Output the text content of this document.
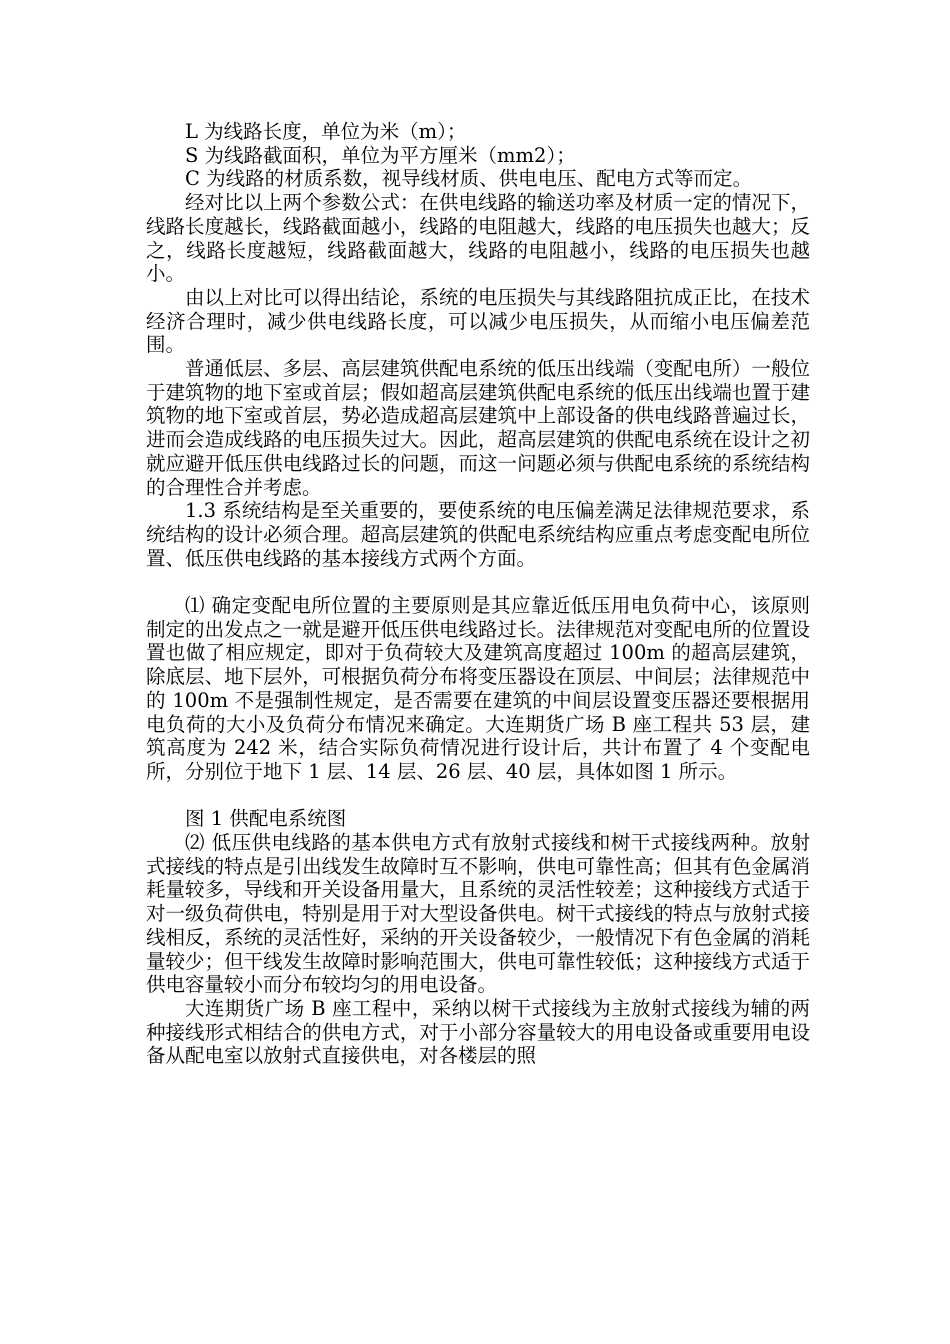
L 为线路长度，单位为米（m）；

S 为线路截面积，单位为平方厘米（mm2）；

C 为线路的材质系数，视导线材质、供电电压、配电方式等而定。

经对比以上两个参数公式：在供电线路的输送功率及材质一定的情况下，线路长度越长，线路截面越小，线路的电阻越大，线路的电压损失也越大；反之，线路长度越短，线路截面越大，线路的电阻越小，线路的电压损失也越小。

由以上对比可以得出结论，系统的电压损失与其线路阻抗成正比，在技术经济合理时，减少供电线路长度，可以减少电压损失，从而缩小电压偏差范围。

普通低层、多层、高层建筑供配电系统的低压出线端（变配电所）一般位于建筑物的地下室或首层；假如超高层建筑供配电系统的低压出线端也置于建筑物的地下室或首层，势必造成超高层建筑中上部设备的供电线路普遍过长，进而会造成线路的电压损失过大。因此，超高层建筑的供配电系统在设计之初就应避开低压供电线路过长的问题，而这一问题必须与供配电系统的系统结构的合理性合并考虑。

1.3 系统结构是至关重要的，要使系统的电压偏差满足法律规范要求，系统结构的设计必须合理。超高层建筑的供配电系统结构应重点考虑变配电所位置、低压供电线路的基本接线方式两个方面。

⑴ 确定变配电所位置的主要原则是其应靠近低压用电负荷中心，该原则制定的出发点之一就是避开低压供电线路过长。法律规范对变配电所的位置设置也做了相应规定，即对于负荷较大及建筑高度超过 100m 的超高层建筑，除底层、地下层外，可根据负荷分布将变压器设在顶层、中间层；法律规范中的 100m 不是强制性规定，是否需要在建筑的中间层设置变压器还要根据用电负荷的大小及负荷分布情况来确定。大连期货广场 B 座工程共 53 层，建筑高度为 242 米，结合实际负荷情况进行设计后，共计布置了 4 个变配电所，分别位于地下 1 层、14 层、26 层、40 层，具体如图 1 所示。

图 1 供配电系统图

⑵ 低压供电线路的基本供电方式有放射式接线和树干式接线两种。放射式接线的特点是引出线发生故障时互不影响，供电可靠性高；但其有色金属消耗量较多，导线和开关设备用量大，且系统的灵活性较差；这种接线方式适于对一级负荷供电，特别是用于对大型设备供电。树干式接线的特点与放射式接线相反，系统的灵活性好，采纳的开关设备较少，一般情况下有色金属的消耗量较少；但干线发生故障时影响范围大，供电可靠性较低；这种接线方式适于供电容量较小而分布较均匀的用电设备。

大连期货广场 B 座工程中，采纳以树干式接线为主放射式接线为辅的两种接线形式相结合的供电方式，对于小部分容量较大的用电设备或重要用电设备从配电室以放射式直接供电，对各楼层的照
